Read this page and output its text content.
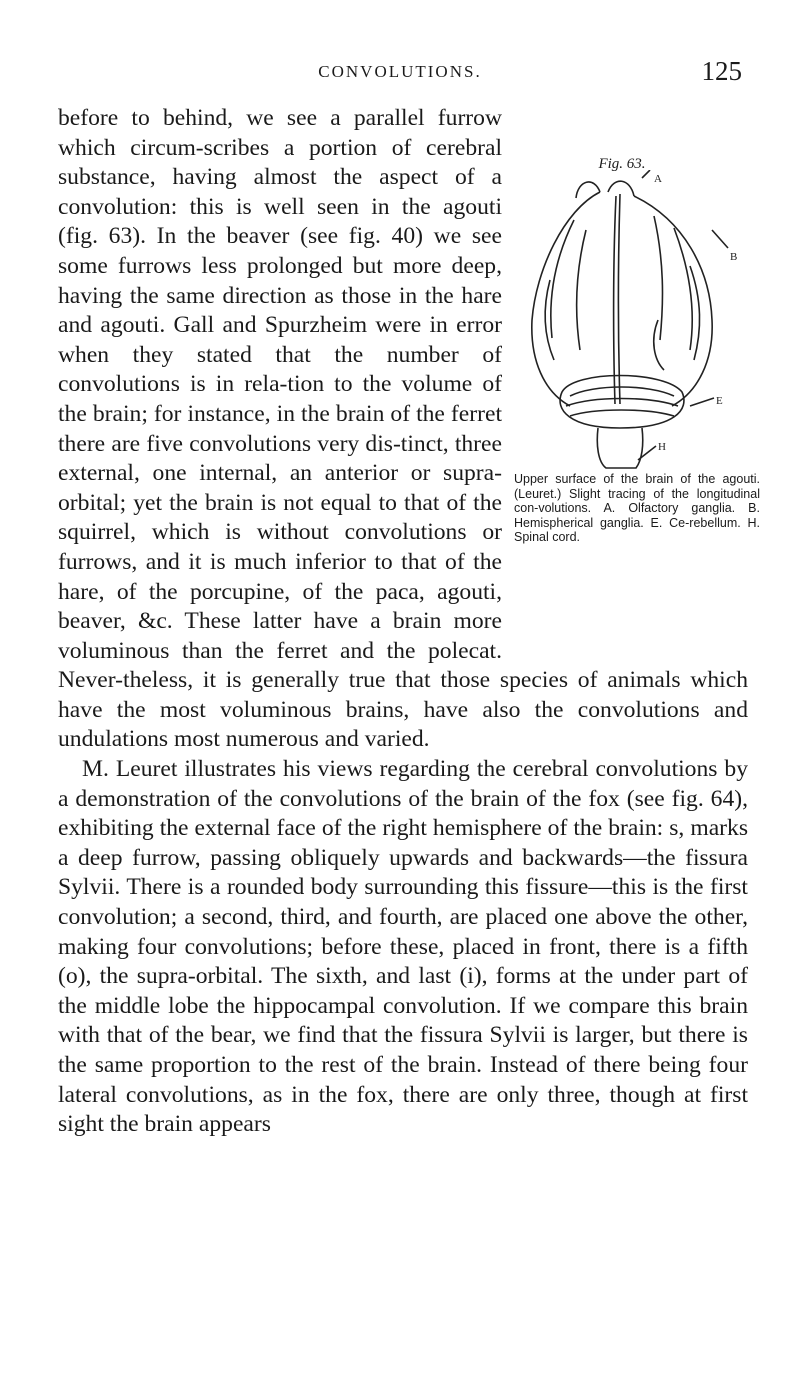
CONVOLUTIONS.	125
Fig. 63.
A
B
E
H
Upper surface of the brain of the agouti. (Leuret.) Slight tracing of the longitudinal con-volutions. A. Olfactory ganglia. B. Hemispherical ganglia. E. Ce-rebellum. H. Spinal cord.

before to behind, we see a parallel furrow which circum-scribes a portion of cerebral substance, having almost the aspect of a convolution: this is well seen in the agouti (fig. 63). In the beaver (see fig. 40) we see some furrows less prolonged but more deep, having the same direction as those in the hare and agouti. Gall and Spurzheim were in error when they stated that the number of convolutions is in rela-tion to the volume of the brain; for instance, in the brain of the ferret there are five convolutions very dis-tinct, three external, one internal, an anterior or supra-orbital; yet the brain is not equal to that of the squirrel, which is without convolutions or furrows, and it is much inferior to that of the hare, of the porcupine, of the paca, agouti, beaver, &c. These latter have a brain more voluminous than the ferret and the polecat. Never-theless, it is generally true that those species of animals which have the most voluminous brains, have also the convolutions and undulations most numerous and varied.

M. Leuret illustrates his views regarding the cerebral convolutions by a demonstration of the convolutions of the brain of the fox (see fig. 64), exhibiting the external face of the right hemisphere of the brain: s, marks a deep furrow, passing obliquely upwards and backwards—the fissura Sylvii. There is a rounded body surrounding this fissure—this is the first convolution; a second, third, and fourth, are placed one above the other, making four convolutions; before these, placed in front, there is a fifth (o), the supra-orbital. The sixth, and last (i), forms at the under part of the middle lobe the hippocampal convolution. If we compare this brain with that of the bear, we find that the fissura Sylvii is larger, but there is the same proportion to the rest of the brain. Instead of there being four lateral convolutions, as in the fox, there are only three, though at first sight the brain appears
